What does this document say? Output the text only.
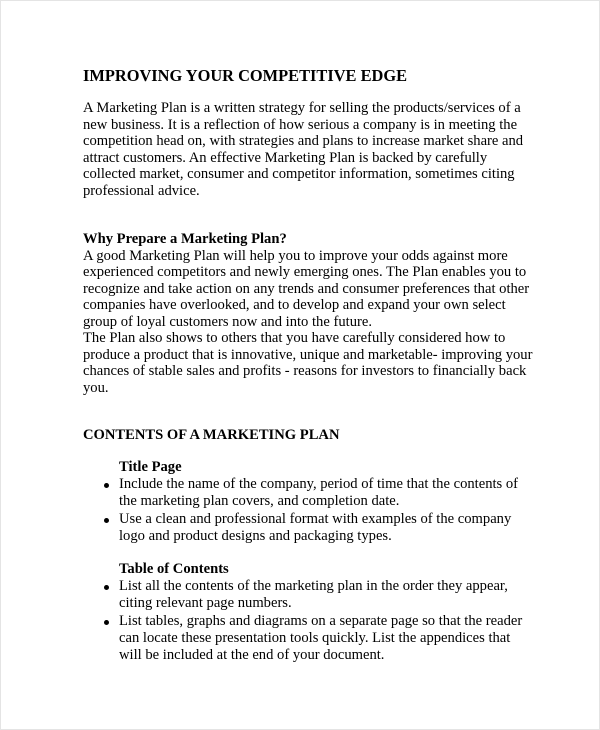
IMPROVING YOUR COMPETITIVE EDGE
A Marketing Plan is a written strategy for selling the products/services of a
new business. It is a reflection of how serious a company is in meeting the
competition head on, with strategies and plans to increase market share and
attract customers. An effective Marketing Plan is backed by carefully
collected market, consumer and competitor information, sometimes citing
professional advice.
Why Prepare a Marketing Plan?
A good Marketing Plan will help you to improve your odds against more
experienced competitors and newly emerging ones. The Plan enables you to
recognize and take action on any trends and consumer preferences that other
companies have overlooked, and to develop and expand your own select
group of loyal customers now and into the future.
The Plan also shows to others that you have carefully considered how to
produce a product that is innovative, unique and marketable- improving your
chances of stable sales and profits - reasons for investors to financially back
you.
CONTENTS OF A MARKETING PLAN
Title Page
Include the name of the company, period of time that the contents of
the marketing plan covers, and completion date.
Use a clean and professional format with examples of the company
logo and product designs and packaging types.
Table of Contents
List all the contents of the marketing plan in the order they appear,
citing relevant page numbers.
List tables, graphs and diagrams on a separate page so that the reader
can locate these presentation tools quickly. List the appendices that
will be included at the end of your document.
